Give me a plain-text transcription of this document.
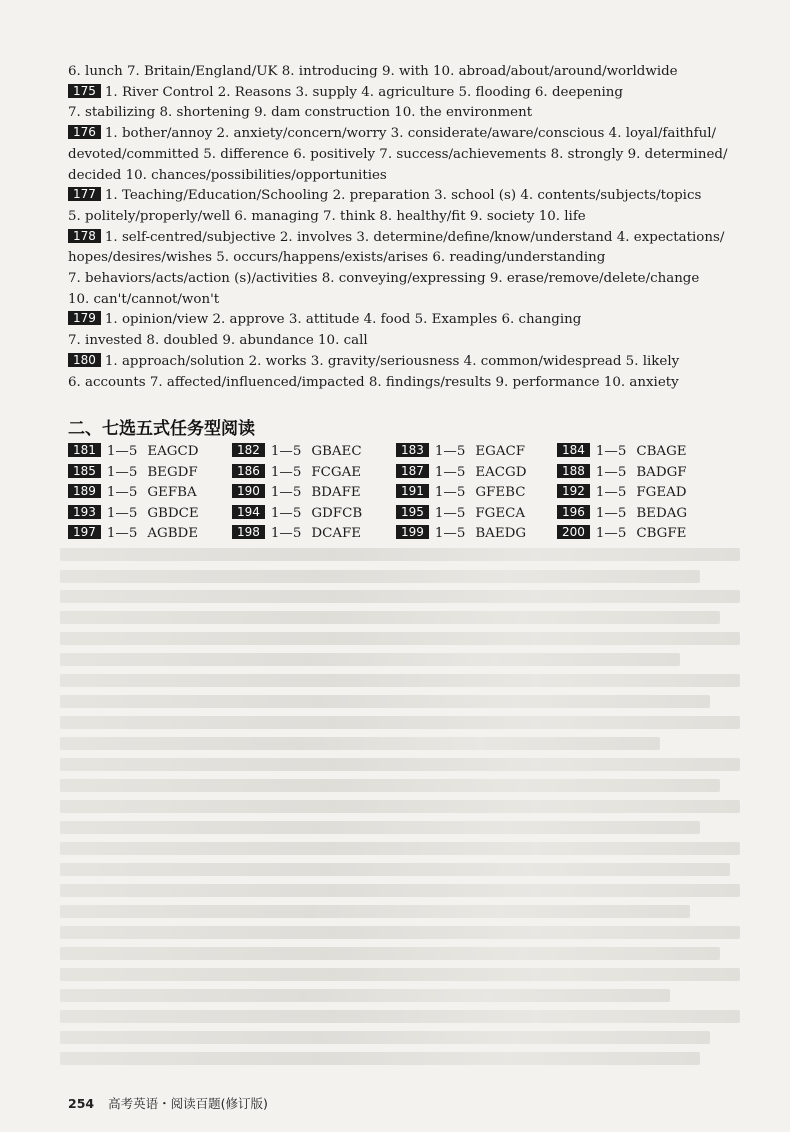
6. lunch 7. Britain/England/UK 8. introducing 9. with 10. abroad/about/around/worldwide
175 1. River Control 2. Reasons 3. supply 4. agriculture 5. flooding 6. deepening
7. stabilizing 8. shortening 9. dam construction 10. the environment
176 1. bother/annoy 2. anxiety/concern/worry 3. considerate/aware/conscious 4. loyal/faithful/
devoted/committed 5. difference 6. positively 7. success/achievements 8. strongly 9. determined/
decided 10. chances/possibilities/opportunities
177 1. Teaching/Education/Schooling 2. preparation 3. school (s) 4. contents/subjects/topics
5. politely/properly/well 6. managing 7. think 8. healthy/fit 9. society 10. life
178 1. self-centred/subjective 2. involves 3. determine/define/know/understand 4. expectations/
hopes/desires/wishes 5. occurs/happens/exists/arises 6. reading/understanding
7. behaviors/acts/action (s)/activities 8. conveying/expressing 9. erase/remove/delete/change
10. can't/cannot/won't
179 1. opinion/view 2. approve 3. attitude 4. food 5. Examples 6. changing
7. invested 8. doubled 9. abundance 10. call
180 1. approach/solution 2. works 3. gravity/seriousness 4. common/widespread 5. likely
6. accounts 7. affected/influenced/impacted 8. findings/results 9. performance 10. anxiety
二、七选五式任务型阅读
181 1—5 EAGCD	182 1—5 GBAEC	183 1—5 EGACF	184 1—5 CBAGE
185 1—5 BEGDF	186 1—5 FCGAE	187 1—5 EACGD	188 1—5 BADGF
189 1—5 GEFBA	190 1—5 BDAFE	191 1—5 GFEBC	192 1—5 FGEAD
193 1—5 GBDCE	194 1—5 GDFCB	195 1—5 FGECA	196 1—5 BEDAG
197 1—5 AGBDE	198 1—5 DCAFE	199 1—5 BAEDG	200 1—5 CBGFE
254 高考英语・阅读百题(修订版)
